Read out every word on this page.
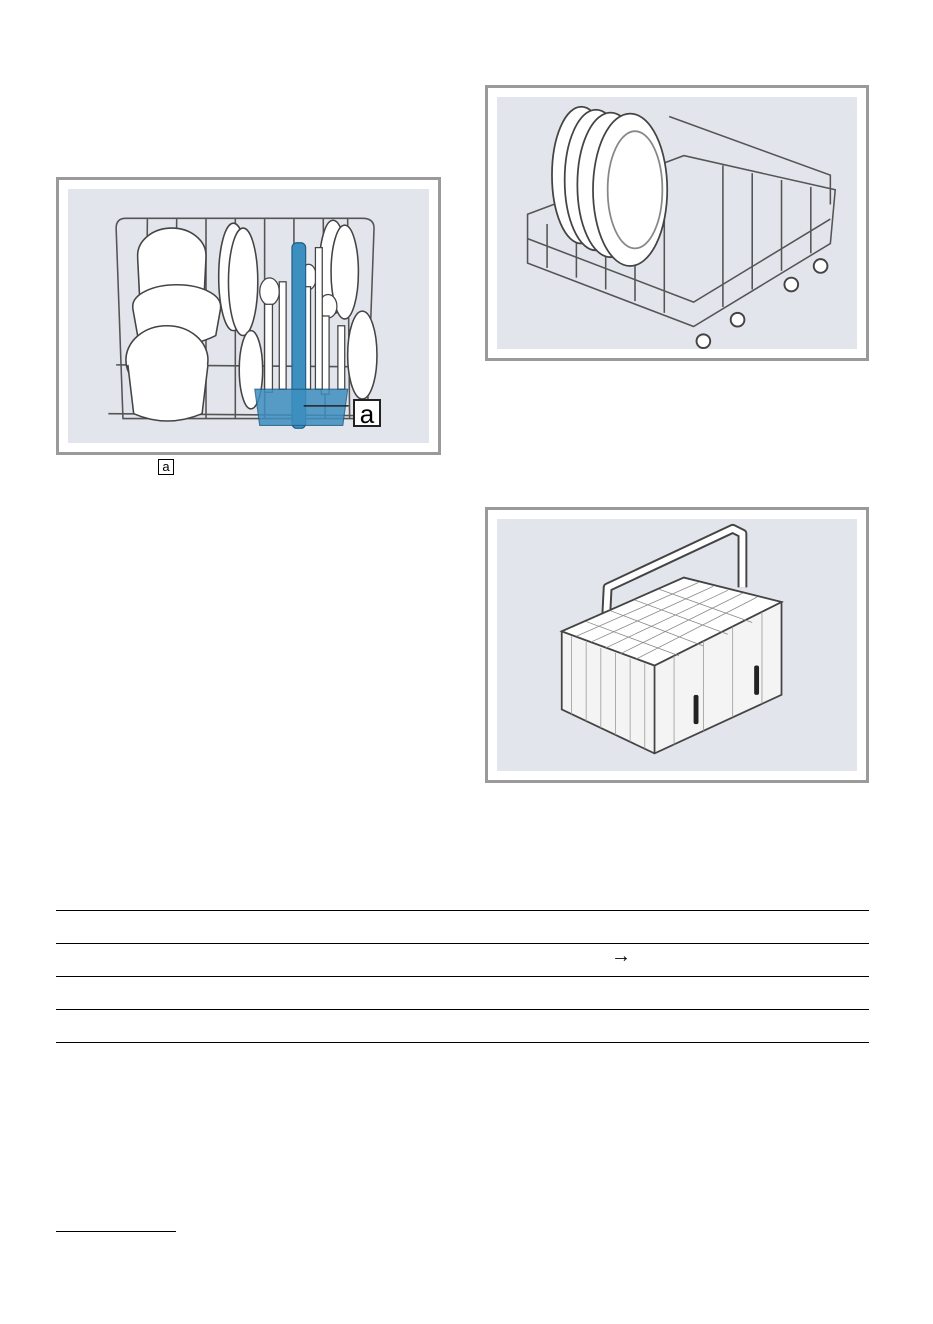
a
a
→
